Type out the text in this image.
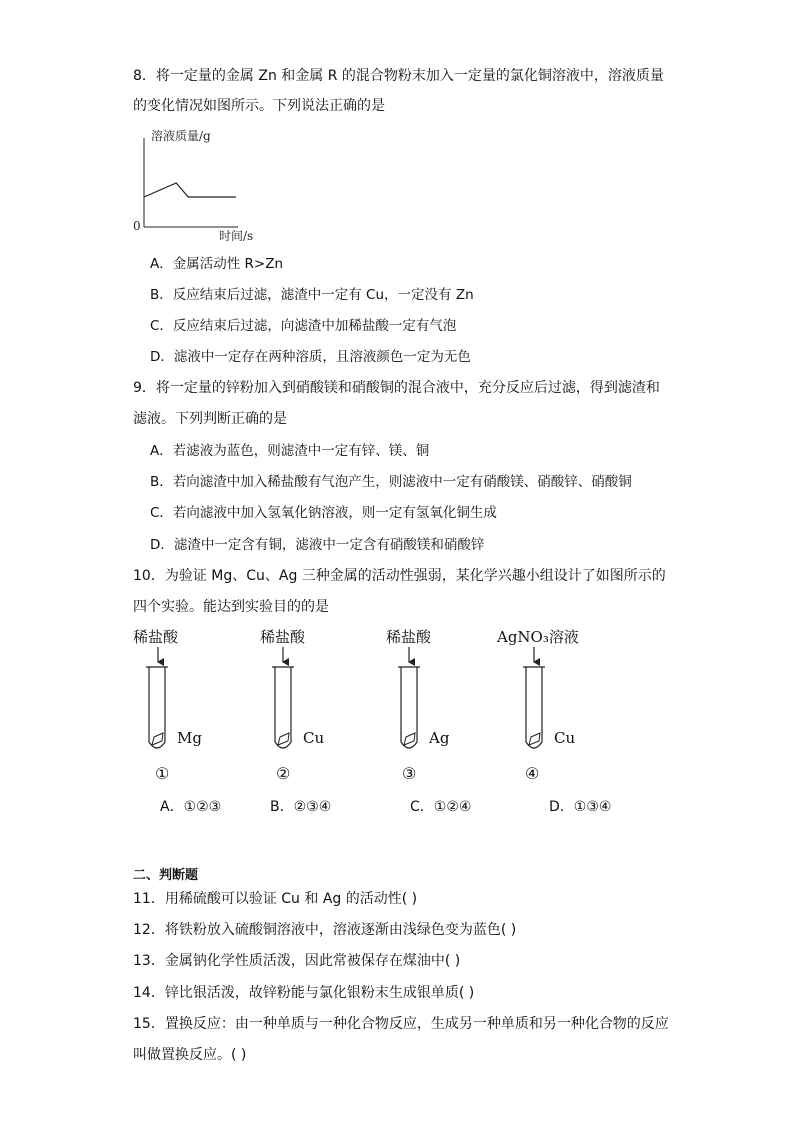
8．将一定量的金属 Zn 和金属 R 的混合物粉末加入一定量的氯化铜溶液中，溶液质量
的变化情况如图所示。下列说法正确的是
溶液质量/g
时间/s
0
A．金属活动性 R>Zn
B．反应结束后过滤，滤渣中一定有 Cu，一定没有 Zn
C．反应结束后过滤，向滤渣中加稀盐酸一定有气泡
D．滤液中一定存在两种溶质，且溶液颜色一定为无色
9．将一定量的锌粉加入到硝酸镁和硝酸铜的混合液中，充分反应后过滤，得到滤渣和
滤液。下列判断正确的是
A．若滤液为蓝色，则滤渣中一定有锌、镁、铜
B．若向滤渣中加入稀盐酸有气泡产生，则滤液中一定有硝酸镁、硝酸锌、硝酸铜
C．若向滤液中加入氢氧化钠溶液，则一定有氢氧化铜生成
D．滤渣中一定含有铜，滤液中一定含有硝酸镁和硝酸锌
10．为验证 Mg、Cu、Ag 三种金属的活动性强弱，某化学兴趣小组设计了如图所示的
四个实验。能达到实验目的的是
稀盐酸	稀盐酸	稀盐酸	AgNO₃溶液
Mg	Cu	Ag	Cu
①	②	③	④
A．①②③	B．②③④	C．①②④	D．①③④
二、判断题
11．用稀硫酸可以验证 Cu 和 Ag 的活动性( )
12．将铁粉放入硫酸铜溶液中，溶液逐渐由浅绿色变为蓝色( )
13．金属钠化学性质活泼，因此常被保存在煤油中( )
14．锌比银活泼，故锌粉能与氯化银粉末生成银单质( )
15．置换反应：由一种单质与一种化合物反应，生成另一种单质和另一种化合物的反应
叫做置换反应。( )
